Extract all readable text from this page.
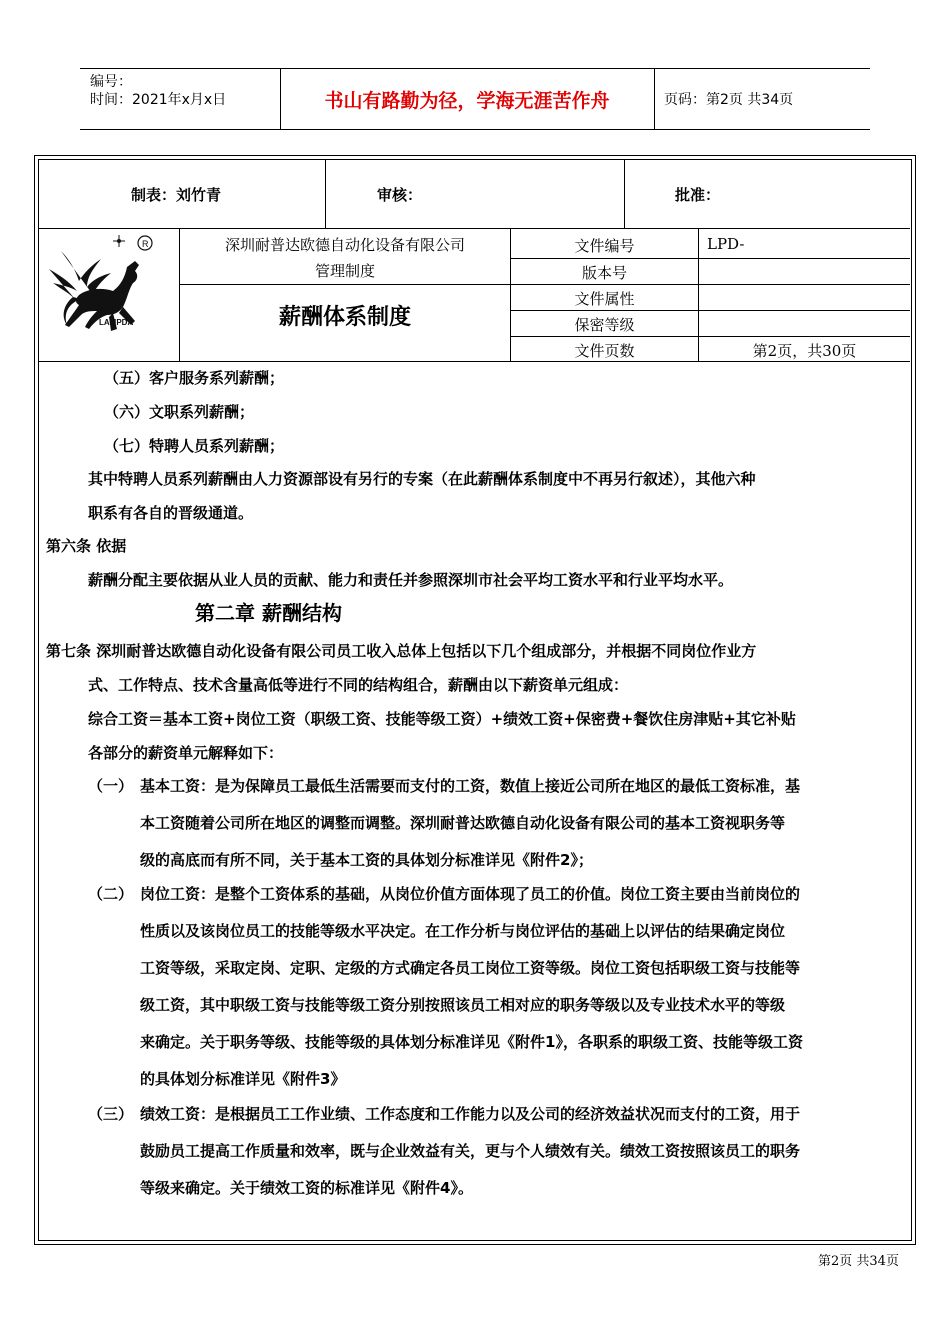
编号：
时间：2021年x月x日	书山有路勤为径，学海无涯苦作舟	页码：第2页 共34页
制表：刘竹青	审核：	批准：
R
LAMPDA
深圳耐普达欧德自动化设备有限公司
管理制度
薪酬体系制度
文件编号	LPD-
版本号
文件属性
保密等级
文件页数	第2页，共30页
（五）客户服务系列薪酬；
（六）文职系列薪酬；
（七）特聘人员系列薪酬；
其中特聘人员系列薪酬由人力资源部设有另行的专案（在此薪酬体系制度中不再另行叙述），其他六种
职系有各自的晋级通道。
第六条 依据
薪酬分配主要依据从业人员的贡献、能力和责任并参照深圳市社会平均工资水平和行业平均水平。
第二章 薪酬结构
第七条 深圳耐普达欧德自动化设备有限公司员工收入总体上包括以下几个组成部分，并根据不同岗位作业方
式、工作特点、技术含量高低等进行不同的结构组合，薪酬由以下薪资单元组成：
综合工资＝基本工资+岗位工资（职级工资、技能等级工资）+绩效工资+保密费+餐饮住房津贴+其它补贴
各部分的薪资单元解释如下：
（一） 基本工资：是为保障员工最低生活需要而支付的工资，数值上接近公司所在地区的最低工资标准，基
本工资随着公司所在地区的调整而调整。深圳耐普达欧德自动化设备有限公司的基本工资视职务等
级的高底而有所不同，关于基本工资的具体划分标准详见《附件2》；
（二） 岗位工资：是整个工资体系的基础，从岗位价值方面体现了员工的价值。岗位工资主要由当前岗位的
性质以及该岗位员工的技能等级水平决定。在工作分析与岗位评估的基础上以评估的结果确定岗位
工资等级，采取定岗、定职、定级的方式确定各员工岗位工资等级。岗位工资包括职级工资与技能等
级工资，其中职级工资与技能等级工资分别按照该员工相对应的职务等级以及专业技术水平的等级
来确定。关于职务等级、技能等级的具体划分标准详见《附件1》，各职系的职级工资、技能等级工资
的具体划分标准详见《附件3》
（三） 绩效工资：是根据员工工作业绩、工作态度和工作能力以及公司的经济效益状况而支付的工资，用于
鼓励员工提高工作质量和效率，既与企业效益有关，更与个人绩效有关。绩效工资按照该员工的职务
等级来确定。关于绩效工资的标准详见《附件4》。
第2页 共34页
